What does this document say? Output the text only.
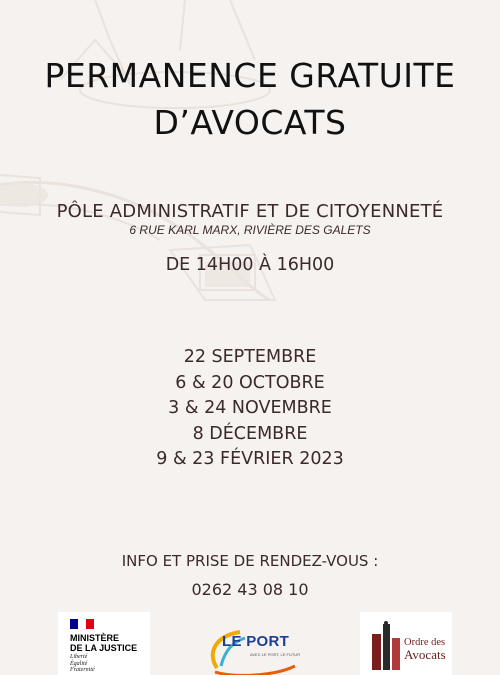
PERMANENCE GRATUITE
D’AVOCATS
PÔLE ADMINISTRATIF ET DE CITOYENNETÉ
6 RUE KARL MARX, RIVIÈRE DES GALETS
DE 14H00 À 16H00
22 SEPTEMBRE
6 & 20 OCTOBRE
3 & 24 NOVEMBRE
8 DÉCEMBRE
9 & 23 FÉVRIER 2023
INFO ET PRISE DE RENDEZ-VOUS :
0262 43 08 10
MINISTÈRE
DE LA JUSTICE
Liberté
Égalité
Fraternité
LE PORT
AVEC LE PORT, LE FUTUR
Ordre des
Avocats
